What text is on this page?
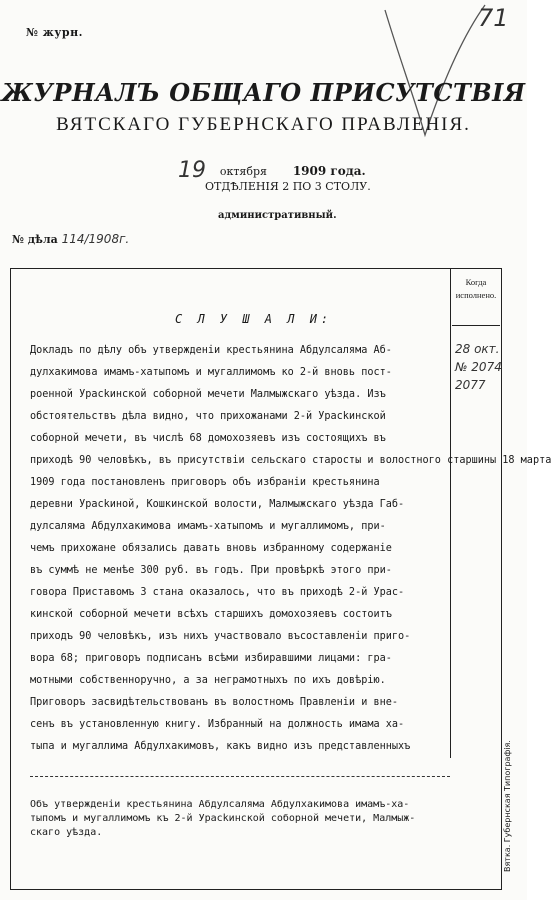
№ журн.
71
ЖУРНАЛЪ ОБЩАГО ПРИСУТСТВІЯ
ВЯТСКАГО ГУБЕРНСКАГО ПРАВЛЕНІЯ.
19 октября 1909 года.
ОТДѢЛЕНІЯ 2 ПО 3 СТОЛУ.
административный.
№ дѣла 114/1908г.
Когда исполнено.
С Л У Ш А Л И:
28 окт.
№ 2074
2077
Докладъ по дѣлу объ утвержденіи крестьянина Абдулсаляма Аб-
дулхакимова имамъ-хатыпомъ и мугаллимомъ ко 2-й вновь пост-
роенной Урасkинской соборной мечети Малмыжскаго уѣзда. Изъ
обстоятельствъ дѣла видно, что прихожанами 2-й Урасkинской
соборной мечети, въ числѣ 68 домохозяевъ изъ состоящихъ въ
приходѣ 90 человѣкъ, въ присутствіи сельскаго старосты и волостного старшины 18 марта
1909 года постановленъ приговоръ объ избраніи крестьянина
деревни Урасkиной, Кошкинской волости, Малмыжскаго уѣзда Габ-
дулсаляма Абдулхакимова имамъ-хатыпомъ и мугаллимомъ, при-
чемъ прихожане обязались давать вновь избранному содержаніе
въ суммѣ не менѣе 300 руб. въ годъ. При провѣркѣ этого при-
говора Приставомъ 3 стана оказалось, что въ приходѣ 2-й Урас-
кинской соборной мечети всѣхъ старшихъ домохозяевъ состоитъ
приходъ 90 человѣкъ, изъ нихъ участвовало въсоставленіи приго-
вора 68; приговоръ подписанъ всѣми избиравшими лицами: гра-
мотными собственноручно, а за неграмотныхъ по ихъ довѣрію.
Приговоръ засвидѣтельствованъ въ волостномъ Правленіи и вне-
сенъ въ установленную книгу. Избранный на должность имама ха-
тыпа и мугаллима Абдулхакимовъ, какъ видно изъ представленныхъ
Объ утвержденіи крестьянина Абдулсаляма Абдулхакимова имамъ-ха-
тыпомъ и мугаллимомъ къ 2-й Урасkинской соборной мечети, Малмыж-
скаго уѣзда.	Вятка. Губернская Типографія.
